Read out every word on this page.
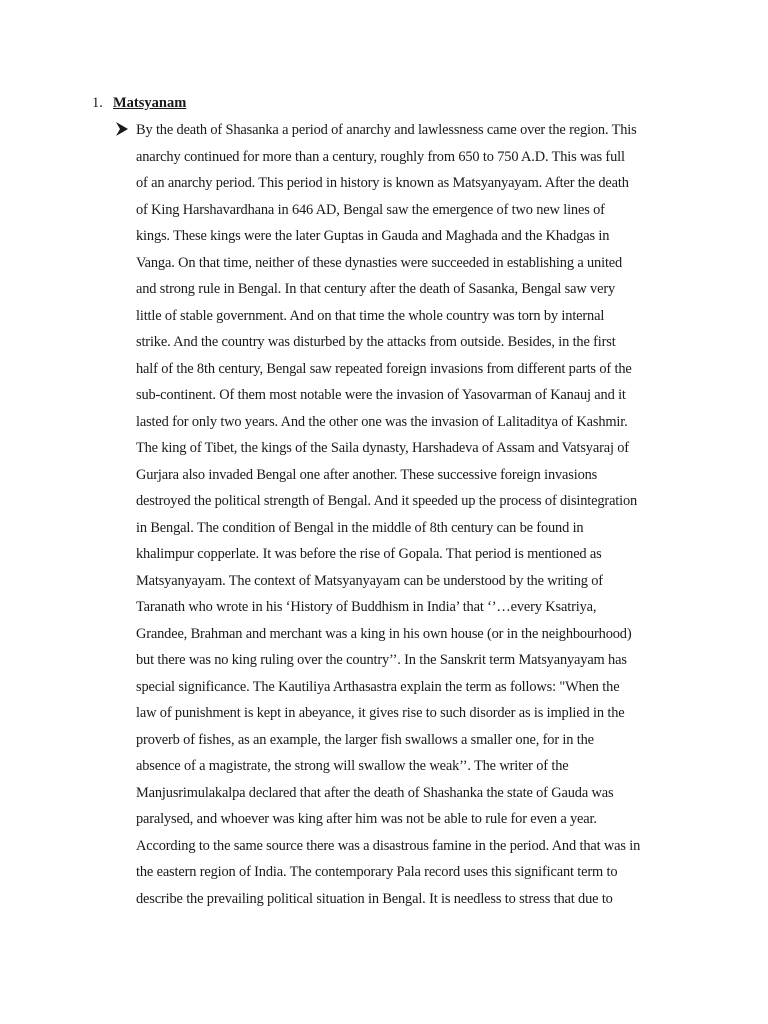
1. Matsyanam
By the death of Shasanka a period of anarchy and lawlessness came over the region. This
anarchy continued for more than a century, roughly from 650 to 750 A.D. This was full
of an anarchy period. This period in history is known as Matsyanyayam. After the death
of King Harshavardhana in 646 AD, Bengal saw the emergence of two new lines of
kings. These kings were the later Guptas in Gauda and Maghada and the Khadgas in
Vanga. On that time, neither of these dynasties were succeeded in establishing a united
and strong rule in Bengal. In that century after the death of Sasanka, Bengal saw very
little of stable government. And on that time the whole country was torn by internal
strike. And the country was disturbed by the attacks from outside. Besides, in the first
half of the 8th century, Bengal saw repeated foreign invasions from different parts of the
sub-continent. Of them most notable were the invasion of Yasovarman of Kanauj and it
lasted for only two years. And the other one was the invasion of Lalitaditya of Kashmir.
The king of Tibet, the kings of the Saila dynasty, Harshadeva of Assam and Vatsyaraj of
Gurjara also invaded Bengal one after another. These successive foreign invasions
destroyed the political strength of Bengal. And it speeded up the process of disintegration
in Bengal. The condition of Bengal in the middle of 8th century can be found in
khalimpur copperlate. It was before the rise of Gopala. That period is mentioned as
Matsyanyayam. The context of Matsyanyayam can be understood by the writing of
Taranath who wrote in his ‘History of Buddhism in India’ that ‘’…every Ksatriya,
Grandee, Brahman and merchant was a king in his own house (or in the neighbourhood)
but there was no king ruling over the country’’. In the Sanskrit term Matsyanyayam has
special significance. The Kautiliya Arthasastra explain the term as follows: "When the
law of punishment is kept in abeyance, it gives rise to such disorder as is implied in the
proverb of fishes, as an example, the larger fish swallows a smaller one, for in the
absence of a magistrate, the strong will swallow the weak’’. The writer of the
Manjusrimulakalpa declared that after the death of Shashanka the state of Gauda was
paralysed, and whoever was king after him was not be able to rule for even a year.
According to the same source there was a disastrous famine in the period. And that was in
the eastern region of India. The contemporary Pala record uses this significant term to
describe the prevailing political situation in Bengal. It is needless to stress that due to
